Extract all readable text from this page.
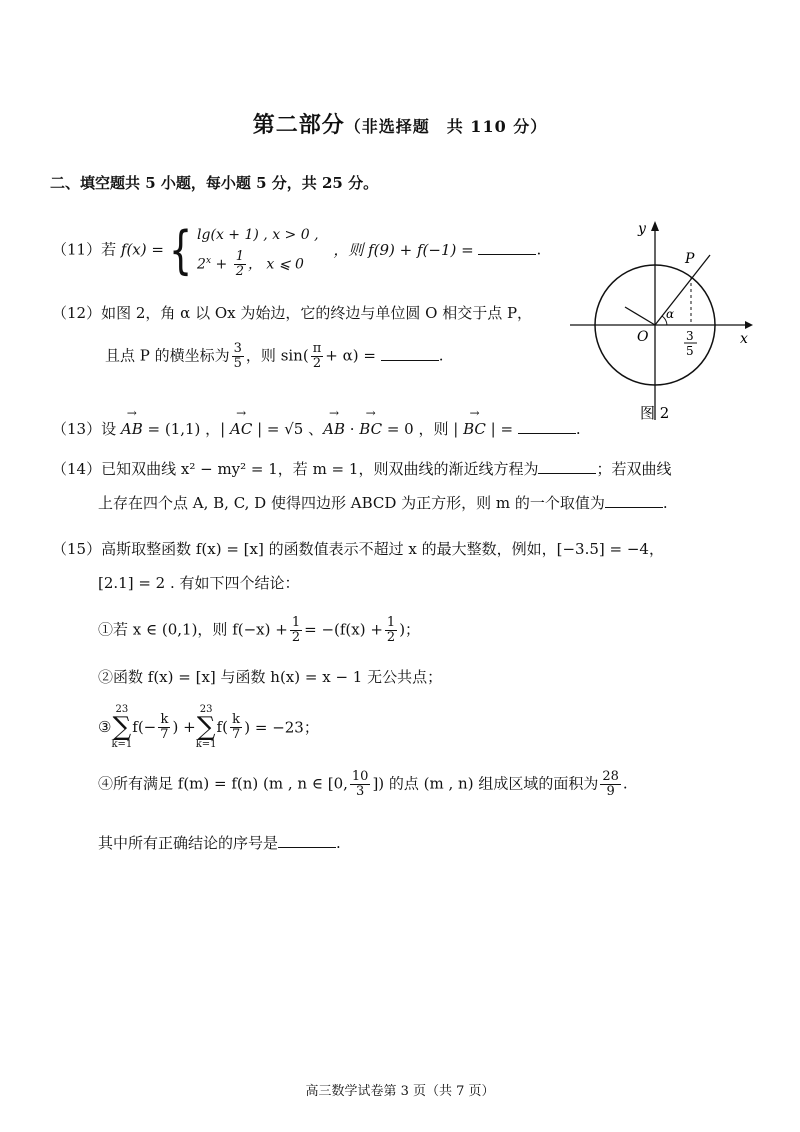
第二部分（非选择题　共 110 分）
二、填空题共 5 小题，每小题 5 分，共 25 分。
（11）若 f(x) ={ lg(x + 1) , x > 0 ,
$2^x + \frac{1}{2}$ ， x ⩽ 0
，则 f(9) + f(−1) =	.
（12）如图 2，角 α 以 Ox 为始边，它的终边与单位圆 O 相交于点 P，
且点 P 的横坐标为 $\frac{3}{5}$ ，则 $\sin( \frac{\pi}{2} + \alpha)$ =	.
y
x
O
P
α
3
5
图 2
（13）设 → AB = (1,1) ，| → AC | = √5 、→ AB · → BC = 0 ，则 | → BC | =	.
（14）已知双曲线 x² − my² = 1，若 m = 1，则双曲线的渐近线方程为	；若双曲线
上存在四个点 A, B, C, D 使得四边形 ABCD 为正方形，则 m 的一个取值为	.
（15）高斯取整函数 f(x) = [x] 的函数值表示不超过 x 的最大整数，例如，[−3.5] = −4，
[2.1] = 2 . 有如下四个结论：
①若 x ∈ (0,1)，则 $f(-x) + \frac{1}{2} = -(f(x) + \frac{1}{2}$ )；
②函数 f(x) = [x] 与函数 h(x) = x − 1 无公共点；
③
23
∑
k=1
$f(- \frac{k}{7}$ ) +
23
∑
k=1
$f( \frac{k}{7}$ ) = −23；
④所有满足 f(m) = f(n) (m , n ∈ [0, $\frac{10}{3}$ ]) 的点 (m , n) 组成区域的面积为 $\frac{28}{9}$ .
其中所有正确结论的序号是	.
高三数学试卷第 3 页（共 7 页）
